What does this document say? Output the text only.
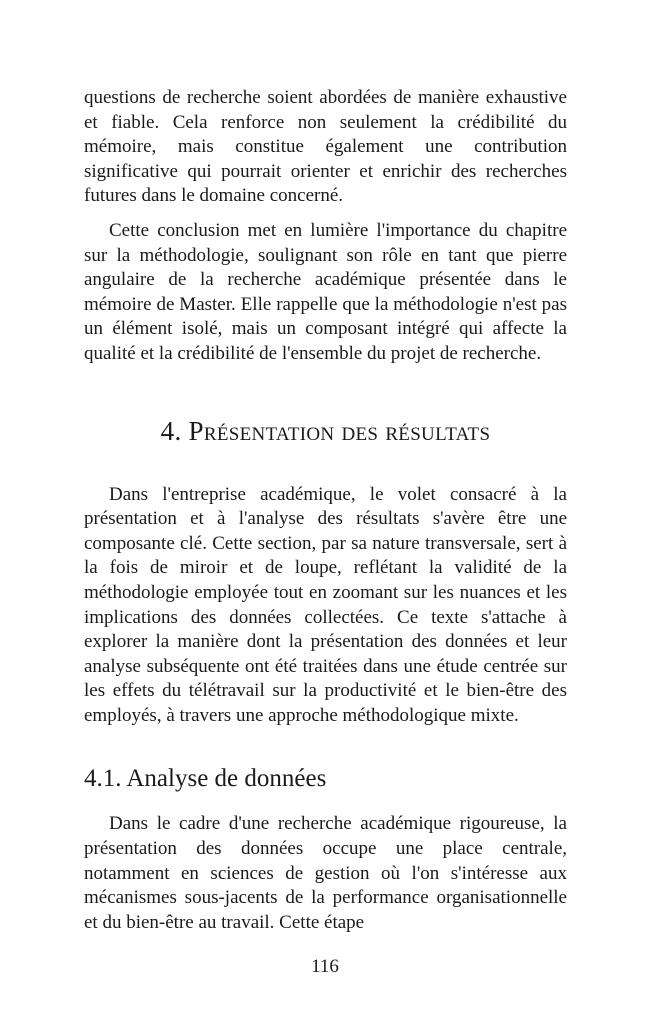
questions de recherche soient abordées de manière exhaustive et fiable. Cela renforce non seulement la crédibilité du mémoire, mais constitue également une contribution significative qui pourrait orienter et enrichir des recherches futures dans le domaine concerné.

Cette conclusion met en lumière l'importance du chapitre sur la méthodologie, soulignant son rôle en tant que pierre angulaire de la recherche académique présentée dans le mémoire de Master. Elle rappelle que la méthodologie n'est pas un élément isolé, mais un composant intégré qui affecte la qualité et la crédibilité de l'ensemble du projet de recherche.

4. Présentation des résultats

Dans l'entreprise académique, le volet consacré à la présentation et à l'analyse des résultats s'avère être une composante clé. Cette section, par sa nature transversale, sert à la fois de miroir et de loupe, reflétant la validité de la méthodologie employée tout en zoomant sur les nuances et les implications des données collectées. Ce texte s'attache à explorer la manière dont la présentation des données et leur analyse subséquente ont été traitées dans une étude centrée sur les effets du télétravail sur la productivité et le bien-être des employés, à travers une approche méthodologique mixte.

4.1. Analyse de données

Dans le cadre d'une recherche académique rigoureuse, la présentation des données occupe une place centrale, notamment en sciences de gestion où l'on s'intéresse aux mécanismes sous-jacents de la performance organisationnelle et du bien-être au travail. Cette étape

116
